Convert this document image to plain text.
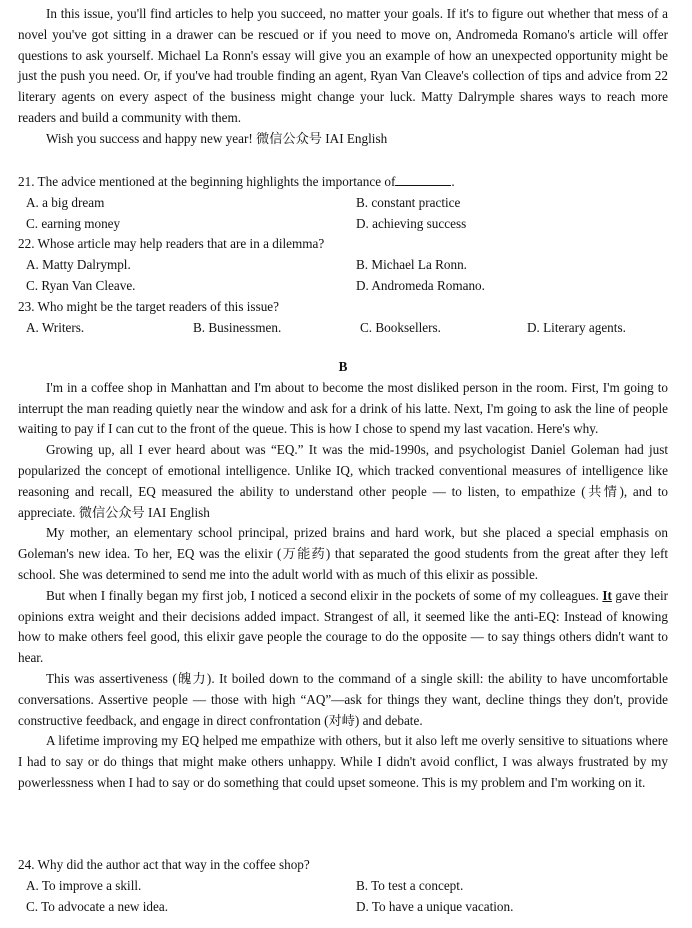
In this issue, you'll find articles to help you succeed, no matter your goals. If it's to figure out whether that mess of a novel you've got sitting in a drawer can be rescued or if you need to move on, Andromeda Romano's article will offer questions to ask yourself. Michael La Ronn's essay will give you an example of how an unexpected opportunity might be just the push you need. Or, if you've had trouble finding an agent, Ryan Van Cleave's collection of tips and advice from 22 literary agents on every aspect of the business might change your luck. Matty Dalrymple shares ways to reach more readers and build a community with them.

Wish you success and happy new year! 微信公众号 IAI English

21. The advice mentioned at the beginning highlights the importance of	.

A. a big dream	B. constant practice
C. earning money	D. achieving success

22. Whose article may help readers that are in a dilemma?

A. Matty Dalrympl.	B. Michael La Ronn.
C. Ryan Van Cleave.	D. Andromeda Romano.

23. Who might be the target readers of this issue?

A. Writers.	B. Businessmen.	C. Booksellers.	D. Literary agents.

B

I'm in a coffee shop in Manhattan and I'm about to become the most disliked person in the room. First, I'm going to interrupt the man reading quietly near the window and ask for a drink of his latte. Next, I'm going to ask the line of people waiting to pay if I can cut to the front of the queue. This is how I chose to spend my last vacation. Here's why.

Growing up, all I ever heard about was “EQ.” It was the mid-1990s, and psychologist Daniel Goleman had just popularized the concept of emotional intelligence. Unlike IQ, which tracked conventional measures of intelligence like reasoning and recall, EQ measured the ability to understand other people — to listen, to empathize (共情), and to appreciate. 微信公众号 IAI English

My mother, an elementary school principal, prized brains and hard work, but she placed a special emphasis on Goleman's new idea. To her, EQ was the elixir (万能药) that separated the good students from the great after they left school. She was determined to send me into the adult world with as much of this elixir as possible.

But when I finally began my first job, I noticed a second elixir in the pockets of some of my colleagues. It gave their opinions extra weight and their decisions added impact. Strangest of all, it seemed like the anti-EQ: Instead of knowing how to make others feel good, this elixir gave people the courage to do the opposite — to say things others didn't want to hear.

This was assertiveness (魄力). It boiled down to the command of a single skill: the ability to have uncomfortable conversations. Assertive people — those with high “AQ”—ask for things they want, decline things they don't, provide constructive feedback, and engage in direct confrontation (对峙) and debate.

A lifetime improving my EQ helped me empathize with others, but it also left me overly sensitive to situations where I had to say or do things that might make others unhappy. While I didn't avoid conflict, I was always frustrated by my powerlessness when I had to say or do something that could upset someone. This is my problem and I'm working on it.

24. Why did the author act that way in the coffee shop?

A. To improve a skill.	B. To test a concept.
C. To advocate a new idea.	D. To have a unique vacation.
